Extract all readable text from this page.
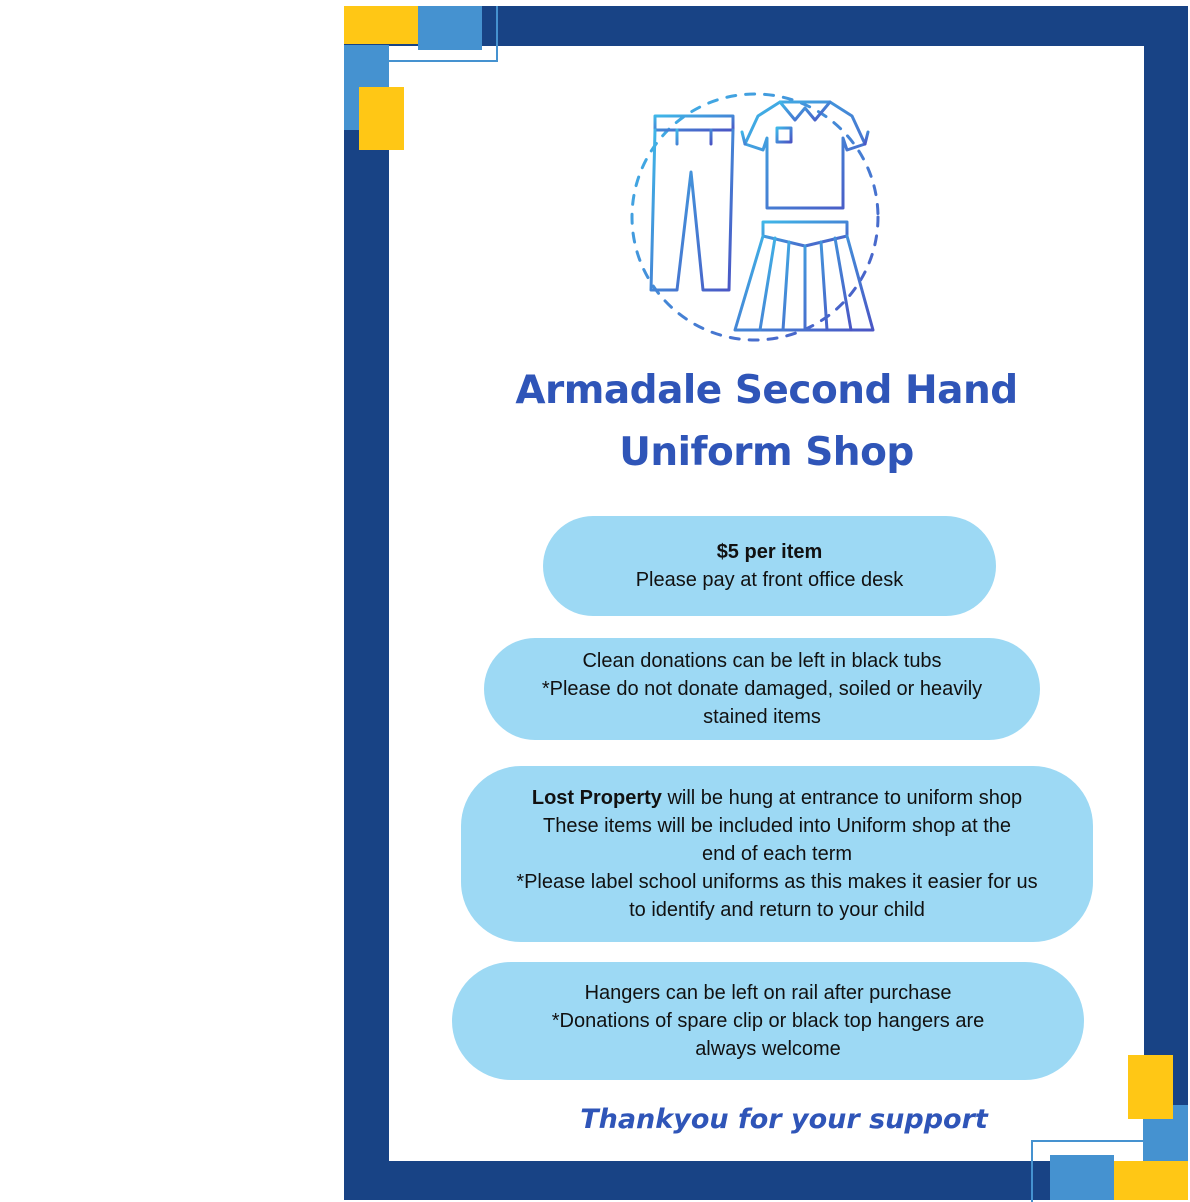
Armadale Second Hand
Uniform Shop
$5 per item
Please pay at front office desk
Clean donations can be left in black tubs
*Please do not donate damaged, soiled or heavily
stained items
Lost Property will be hung at entrance to uniform shop
These items will be included into Uniform shop at the
end of each term
*Please label school uniforms as this makes it easier for us
to identify and return to your child
Hangers can be left on rail after purchase
*Donations of spare clip or black top hangers are
always welcome
Thankyou for your support
